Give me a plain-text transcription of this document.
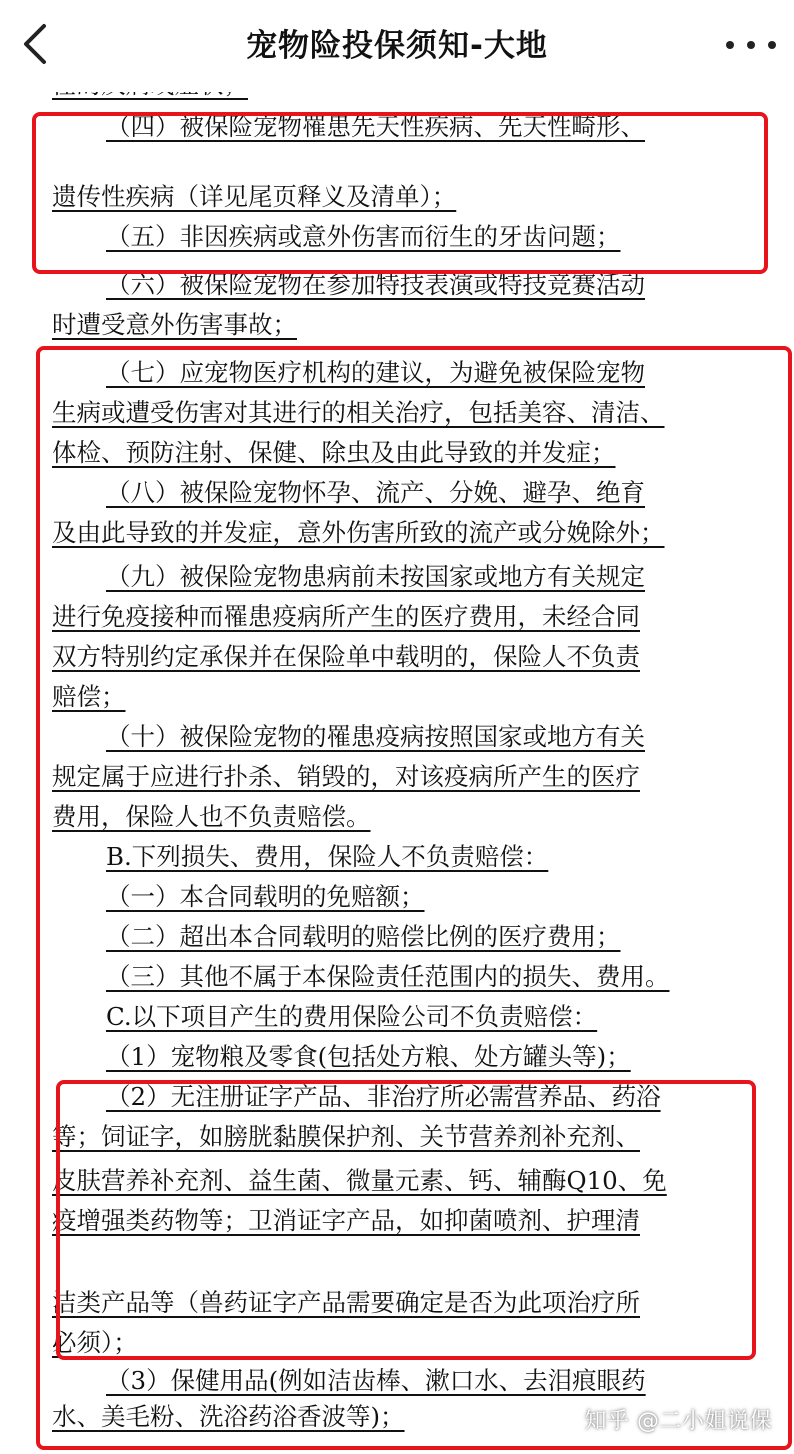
（四）被保险宠物罹患先天性疾病、先天性畸形、
遗传性疾病（详见尾页释义及清单）；
（五）非因疾病或意外伤害而衍生的牙齿问题；
（六）被保险宠物在参加特技表演或特技竞赛活动
时遭受意外伤害事故；
（七）应宠物医疗机构的建议，为避免被保险宠物
生病或遭受伤害对其进行的相关治疗，包括美容、清洁、
体检、预防注射、保健、除虫及由此导致的并发症；
（八）被保险宠物怀孕、流产、分娩、避孕、绝育
及由此导致的并发症，意外伤害所致的流产或分娩除外；
（九）被保险宠物患病前未按国家或地方有关规定
进行免疫接种而罹患疫病所产生的医疗费用，未经合同
双方特别约定承保并在保险单中载明的，保险人不负责
赔偿；
（十）被保险宠物的罹患疫病按照国家或地方有关
规定属于应进行扑杀、销毁的，对该疫病所产生的医疗
费用，保险人也不负责赔偿。
B.下列损失、费用，保险人不负责赔偿：
（一）本合同载明的免赔额；
（二）超出本合同载明的赔偿比例的医疗费用；
（三）其他不属于本保险责任范围内的损失、费用。
C.以下项目产生的费用保险公司不负责赔偿：
（1）宠物粮及零食(包括处方粮、处方罐头等)；
（2）无注册证字产品、非治疗所必需营养品、药浴
等；饲证字，如膀胱黏膜保护剂、关节营养剂补充剂、
皮肤营养补充剂、益生菌、微量元素、钙、辅酶Q10、免
疫增强类药物等；卫消证字产品，如抑菌喷剂、护理清
洁类产品等（兽药证字产品需要确定是否为此项治疗所
必须）；
（3）保健用品(例如洁齿棒、漱口水、去泪痕眼药
水、美毛粉、洗浴药浴香波等)；	知乎 @二小姐说保
宠物险投保须知-大地
